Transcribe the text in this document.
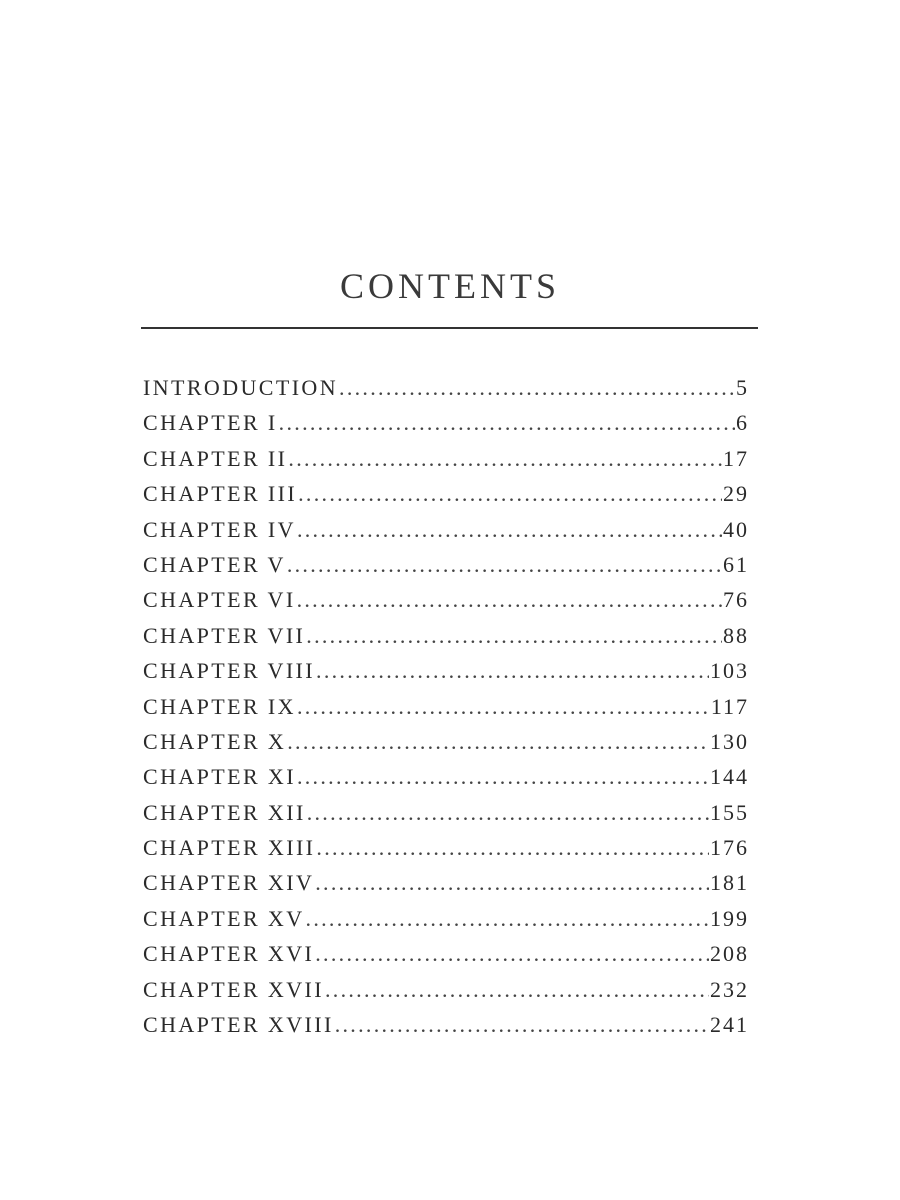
CONTENTS
INTRODUCTION . . .	5
CHAPTER I . . .	6
CHAPTER II . . .	17
CHAPTER III . . .	29
CHAPTER IV . . .	40
CHAPTER V . . .	61
CHAPTER VI . . .	76
CHAPTER VII . . .	88
CHAPTER VIII . . .	103
CHAPTER IX . . .	117
CHAPTER X . . .	130
CHAPTER XI . . .	144
CHAPTER XII . . .	155
CHAPTER XIII . . .	176
CHAPTER XIV . . .	181
CHAPTER XV . . .	199
CHAPTER XVI . . .	208
CHAPTER XVII . . .	232
CHAPTER XVIII . . .	241
